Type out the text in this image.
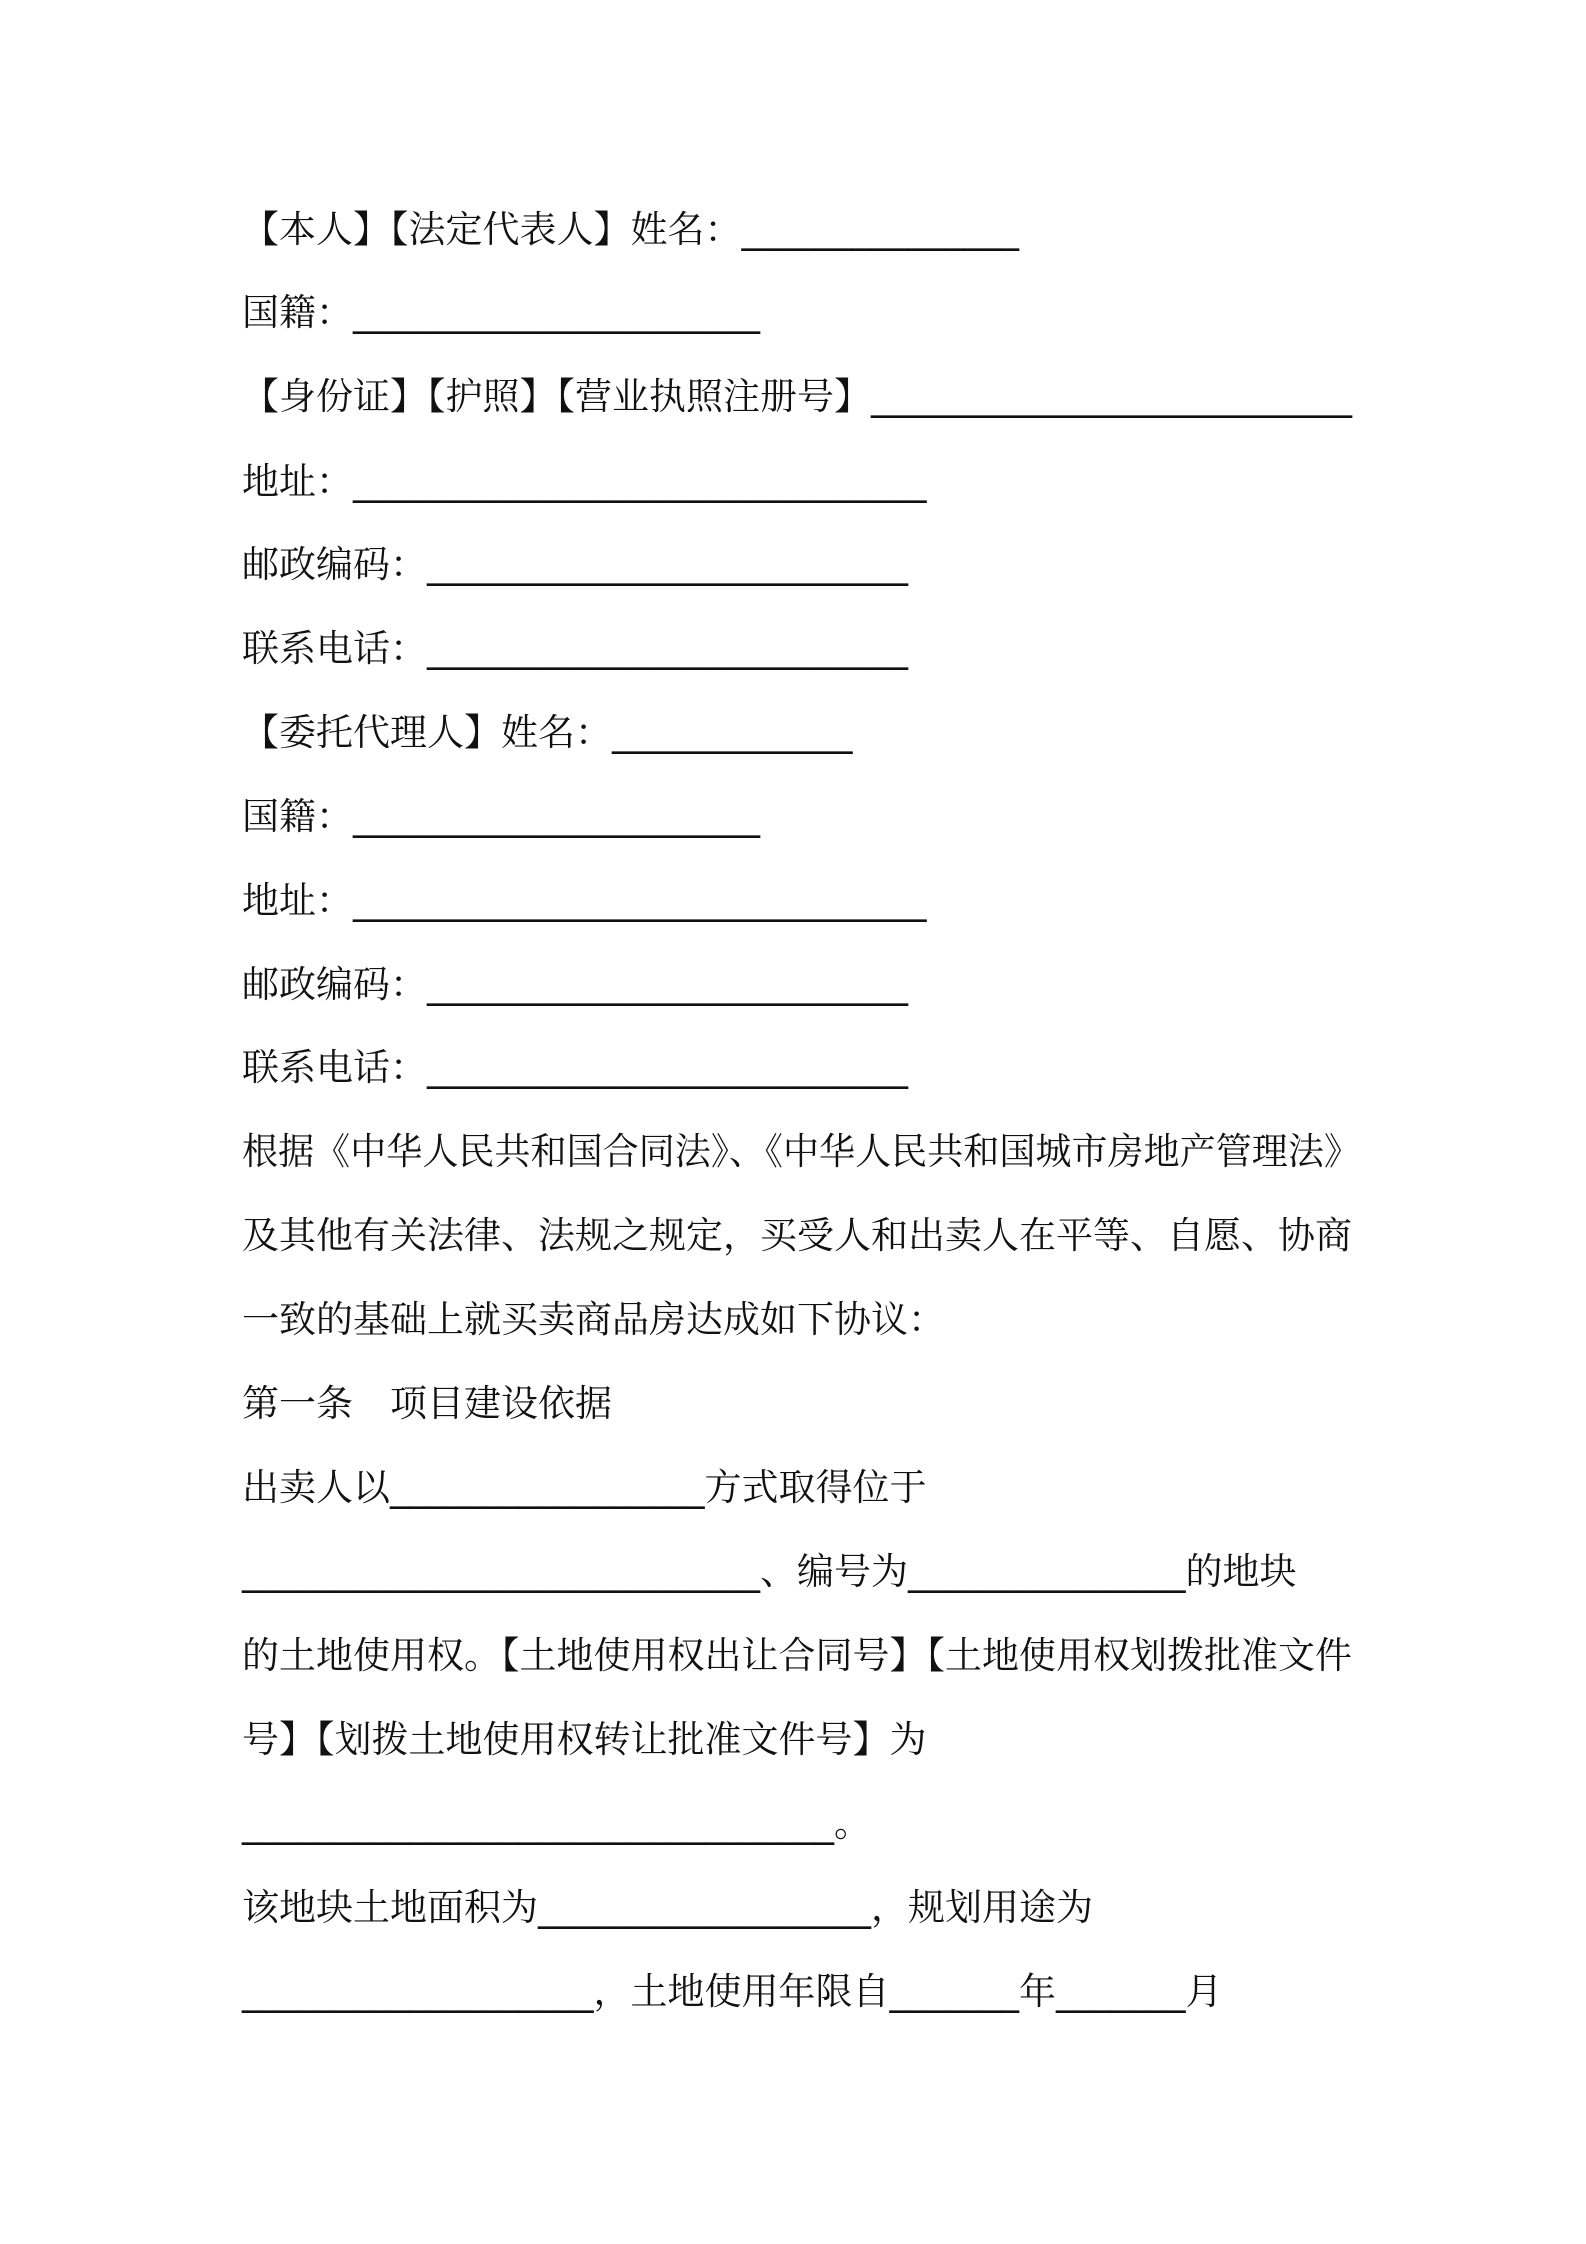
【本人】【法定代表人】姓名：_______________
国籍：______________________
【身份证】【护照】【营业执照注册号】__________________________
地址：_______________________________
邮政编码：__________________________
联系电话：__________________________
【委托代理人】姓名：_____________
国籍：______________________
地址：_______________________________
邮政编码：__________________________
联系电话：__________________________
根据《中华人民共和国合同法》、《中华人民共和国城市房地产管理法》
及其他有关法律、法规之规定，买受人和出卖人在平等、自愿、协商
一致的基础上就买卖商品房达成如下协议：
第一条　项目建设依据
出卖人以_________________方式取得位于
____________________________、编号为_______________的地块
的土地使用权。【土地使用权出让合同号】【土地使用权划拨批准文件
号】【划拨土地使用权转让批准文件号】为
________________________________。
该地块土地面积为__________________，规划用途为
___________________，土地使用年限自_______年_______月
